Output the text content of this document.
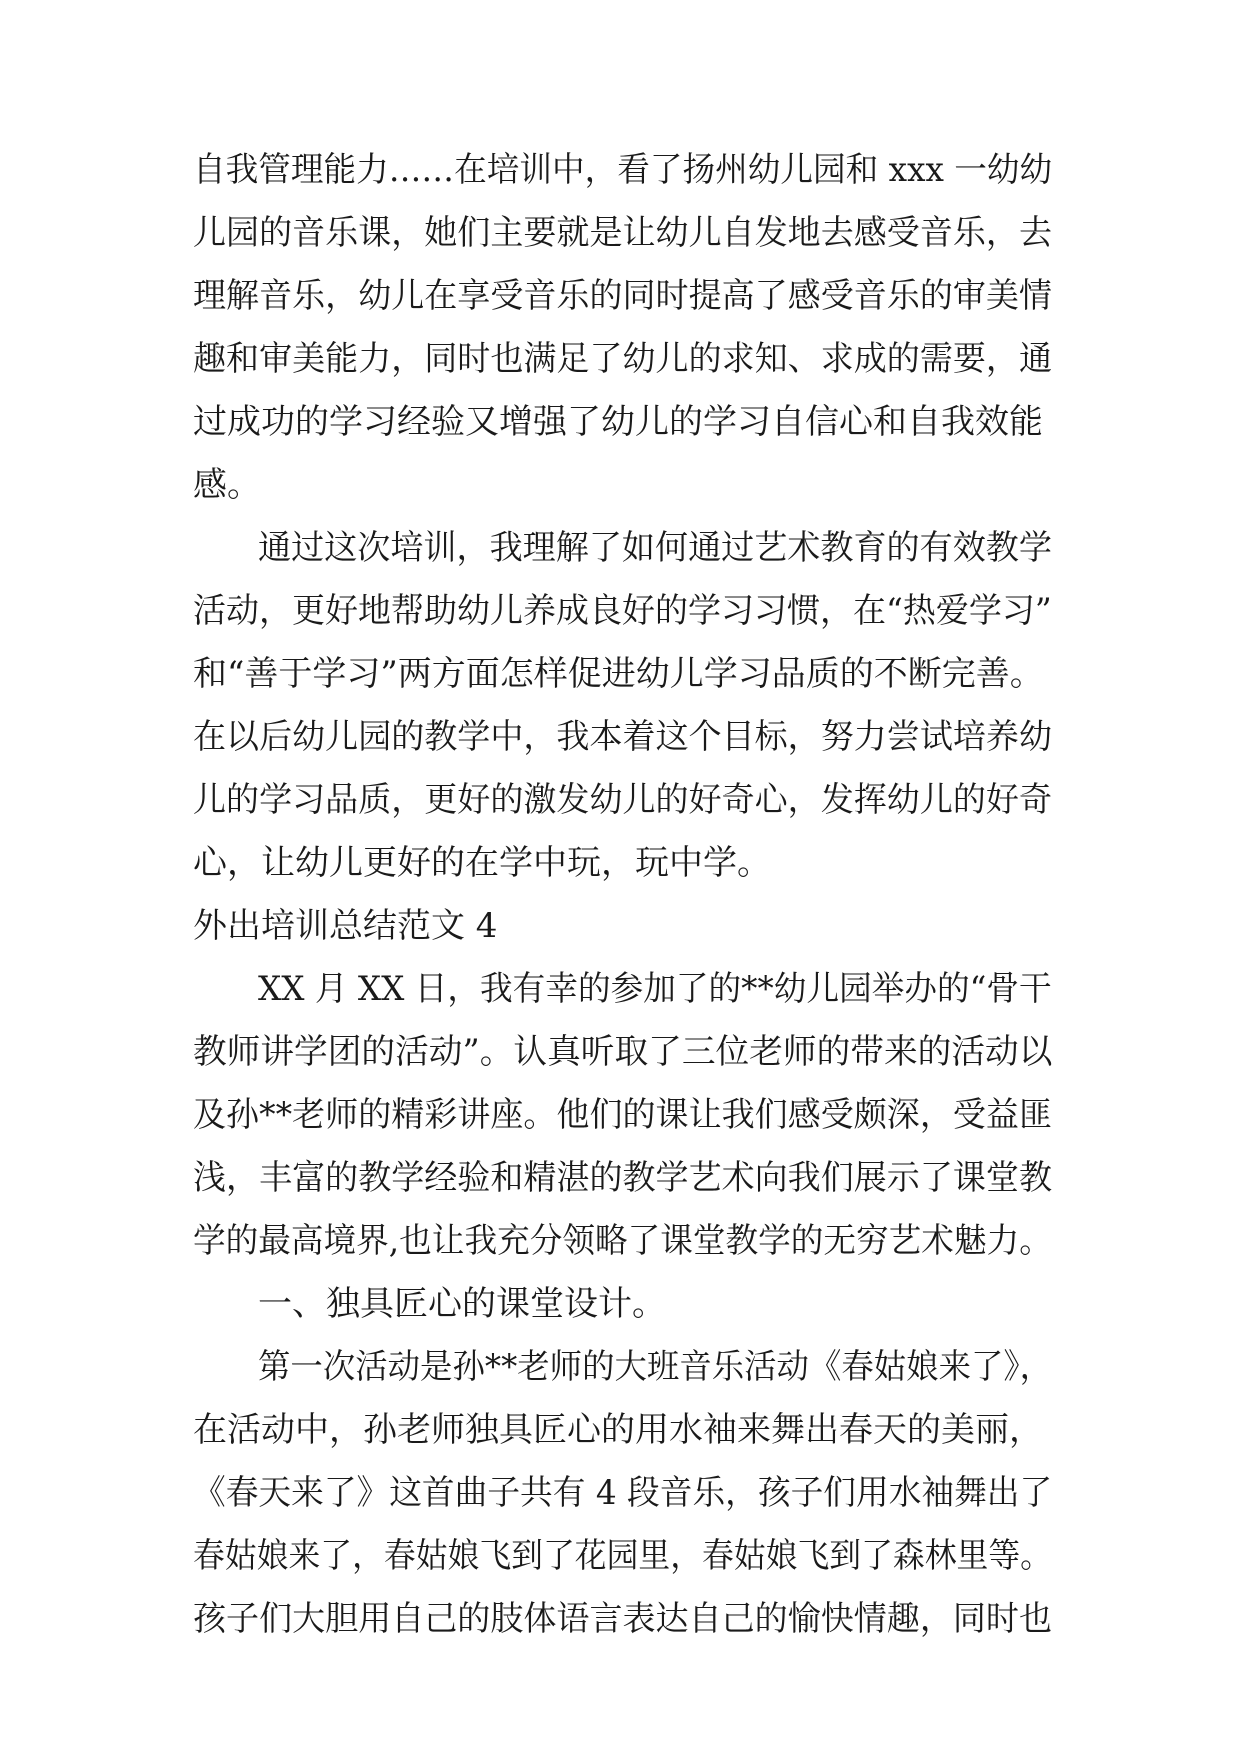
自我管理能力……在培训中，看了扬州幼儿园和 xxx 一幼幼
儿园的音乐课，她们主要就是让幼儿自发地去感受音乐，去
理解音乐，幼儿在享受音乐的同时提高了感受音乐的审美情
趣和审美能力，同时也满足了幼儿的求知、求成的需要，通
过成功的学习经验又增强了幼儿的学习自信心和自我效能
感。
通过这次培训，我理解了如何通过艺术教育的有效教学
活动，更好地帮助幼儿养成良好的学习习惯，在“热爱学习”
和“善于学习”两方面怎样促进幼儿学习品质的不断完善。
在以后幼儿园的教学中，我本着这个目标，努力尝试培养幼
儿的学习品质，更好的激发幼儿的好奇心，发挥幼儿的好奇
心，让幼儿更好的在学中玩，玩中学。
外出培训总结范文 4
XX 月 XX 日，我有幸的参加了的**幼儿园举办的“骨干
教师讲学团的活动”。认真听取了三位老师的带来的活动以
及孙**老师的精彩讲座。他们的课让我们感受颇深，受益匪
浅，丰富的教学经验和精湛的教学艺术向我们展示了课堂教
学的最高境界,也让我充分领略了课堂教学的无穷艺术魅力。
一、独具匠心的课堂设计。
第一次活动是孙**老师的大班音乐活动《春姑娘来了》，
在活动中，孙老师独具匠心的用水袖来舞出春天的美丽，
《春天来了》这首曲子共有 4 段音乐，孩子们用水袖舞出了
春姑娘来了，春姑娘飞到了花园里，春姑娘飞到了森林里等。
孩子们大胆用自己的肢体语言表达自己的愉快情趣，同时也
